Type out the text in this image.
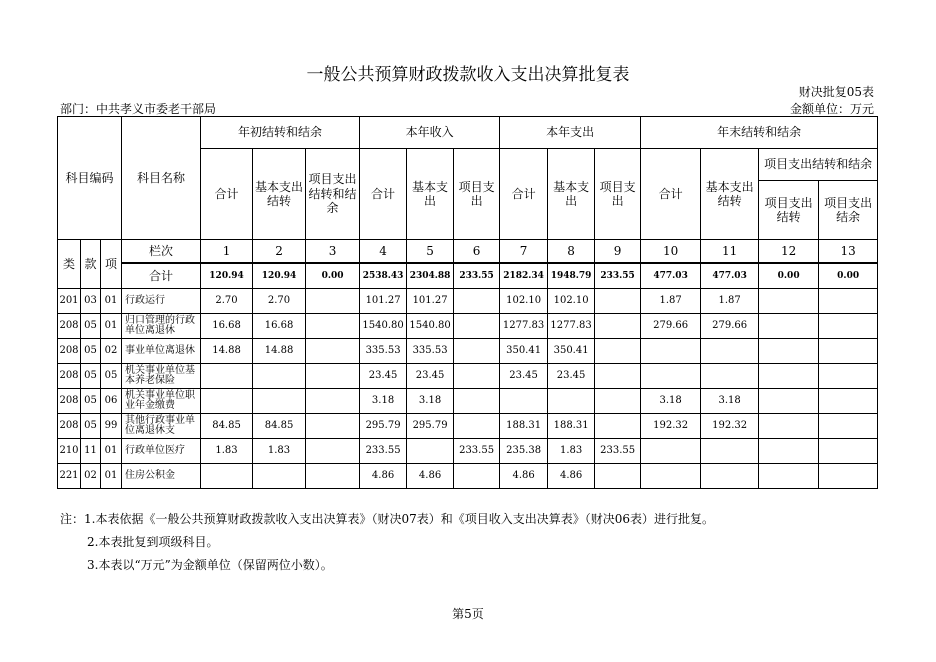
一般公共预算财政拨款收入支出决算批复表
财决批复05表
部门：中共孝义市委老干部局	金额单位：万元
科目编码			科目名称	年初结转和结余			本年收入			本年支出			年末结转和结余			
				合计	基本支出结转	项目支出结转和结余	合计	基本支出	项目支出	合计	基本支出	项目支出	合计	基本支出结转	项目支出结转和结余	
															项目支出结转	项目支出结余
类	款	项	栏次	1	2	3	4	5	6	7	8	9	10	11	12	13
			合计	120.94	120.94	0.00	2538.43	2304.88	233.55	2182.34	1948.79	233.55	477.03	477.03	0.00	0.00
201	03	01	行政运行	2.70	2.70		101.27	101.27		102.10	102.10		1.87	1.87		
208	05	01	归口管理的行政单位离退休	16.68	16.68		1540.80	1540.80		1277.83	1277.83		279.66	279.66		
208	05	02	事业单位离退休	14.88	14.88		335.53	335.53		350.41	350.41					
208	05	05	机关事业单位基本养老保险				23.45	23.45		23.45	23.45					
208	05	06	机关事业单位职业年金缴费				3.18	3.18					3.18	3.18		
208	05	99	其他行政事业单位离退休支	84.85	84.85		295.79	295.79		188.31	188.31		192.32	192.32		
210	11	01	行政单位医疗	1.83	1.83		233.55		233.55	235.38	1.83	233.55				
221	02	01	住房公积金				4.86	4.86		4.86	4.86					
注：1.本表依据《一般公共预算财政拨款收入支出决算表》（财决07表）和《项目收入支出决算表》（财决06表）进行批复。
2.本表批复到项级科目。
3.本表以“万元”为金额单位（保留两位小数）。
第5页
